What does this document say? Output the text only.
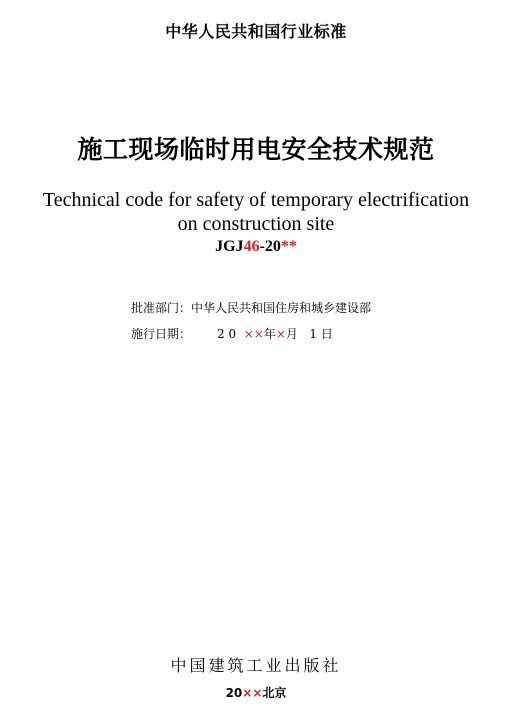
中华人民共和国行业标准
施工现场临时用电安全技术规范
Technical code for safety of temporary electrification
on construction site
JGJ46-20**
批准部门：中华人民共和国住房和城乡建设部
施行日期： 2 0 ××年×月 1 日
中国建筑工业出版社
20××北京
